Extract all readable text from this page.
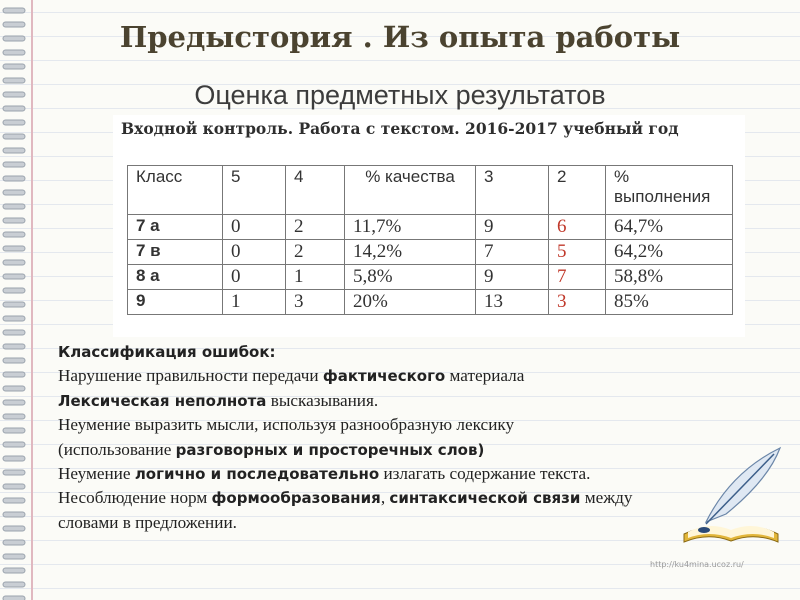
Предыстория . Из опыта работы
Оценка предметных результатов
Входной контроль. Работа с текстом. 2016-2017 учебный год
Класс	5	4	% качества	3	2	% выполнения
7 а	0	2	11,7%	9	6	64,7%
7 в	0	2	14,2%	7	5	64,2%
8 а	0	1	5,8%	9	7	58,8%
9	1	3	20%	13	3	85%
Классификация ошибок:
Нарушение правильности передачи фактического материала
Лексическая неполнота высказывания.
Неумение выразить мысли, используя разнообразную лексику
(использование разговорных и просторечных слов)
Неумение логично и последовательно излагать содержание текста.
Несоблюдение норм формообразования, синтаксической связи между
словами в предложении.
http://ku4mina.ucoz.ru/
